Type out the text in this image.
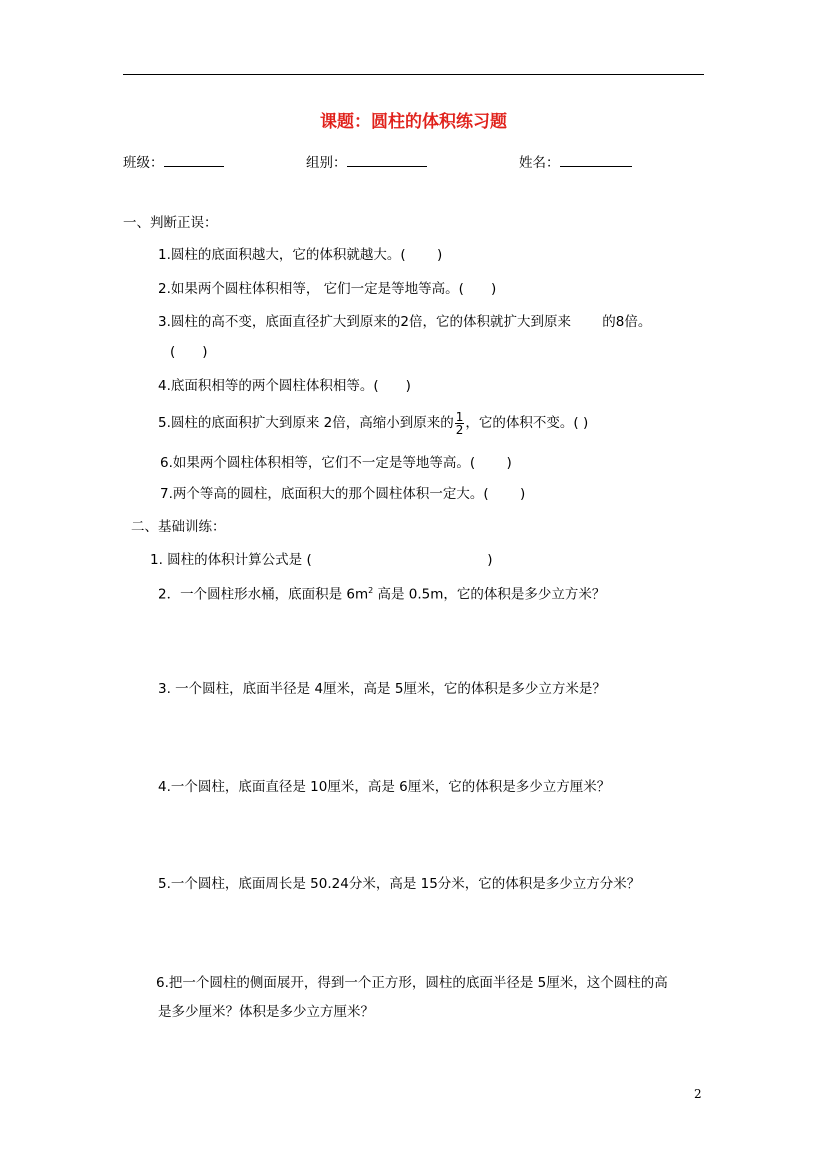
课题：圆柱的体积练习题
班级：	组别：	姓名：
一、判断正误：
1.圆柱的底面积越大，它的体积就越大。(　　 )
2.如果两个圆柱体积相等， 它们一定是等地等高。(　　)
3.圆柱的高不变，底面直径扩大到原来的2倍，它的体积就扩大到原来　　 的8倍。
(　　)
4.底面积相等的两个圆柱体积相等。(　　)
5.圆柱的底面积扩大到原来 2倍，高缩小到原来的 $\frac{1}{2}$ ，它的体积不变。( )
6.如果两个圆柱体积相等，它们不一定是等地等高。(　　 )
7.两个等高的圆柱，底面积大的那个圆柱体积一定大。(　　 )
二、基础训练：
1. 圆柱的体积计算公式是 (　　　　　　　　　　　　　)
2．一个圆柱形水桶，底面积是 $6m^2$ 高是 0.5m，它的体积是多少立方米？
3. 一个圆柱，底面半径是 4厘米，高是 5厘米，它的体积是多少立方米是？
4.一个圆柱，底面直径是 10厘米，高是 6厘米，它的体积是多少立方厘米？
5.一个圆柱，底面周长是 50.24分米，高是 15分米，它的体积是多少立方分米？
6.把一个圆柱的侧面展开，得到一个正方形，圆柱的底面半径是 5厘米，这个圆柱的高
是多少厘米？体积是多少立方厘米？
2
